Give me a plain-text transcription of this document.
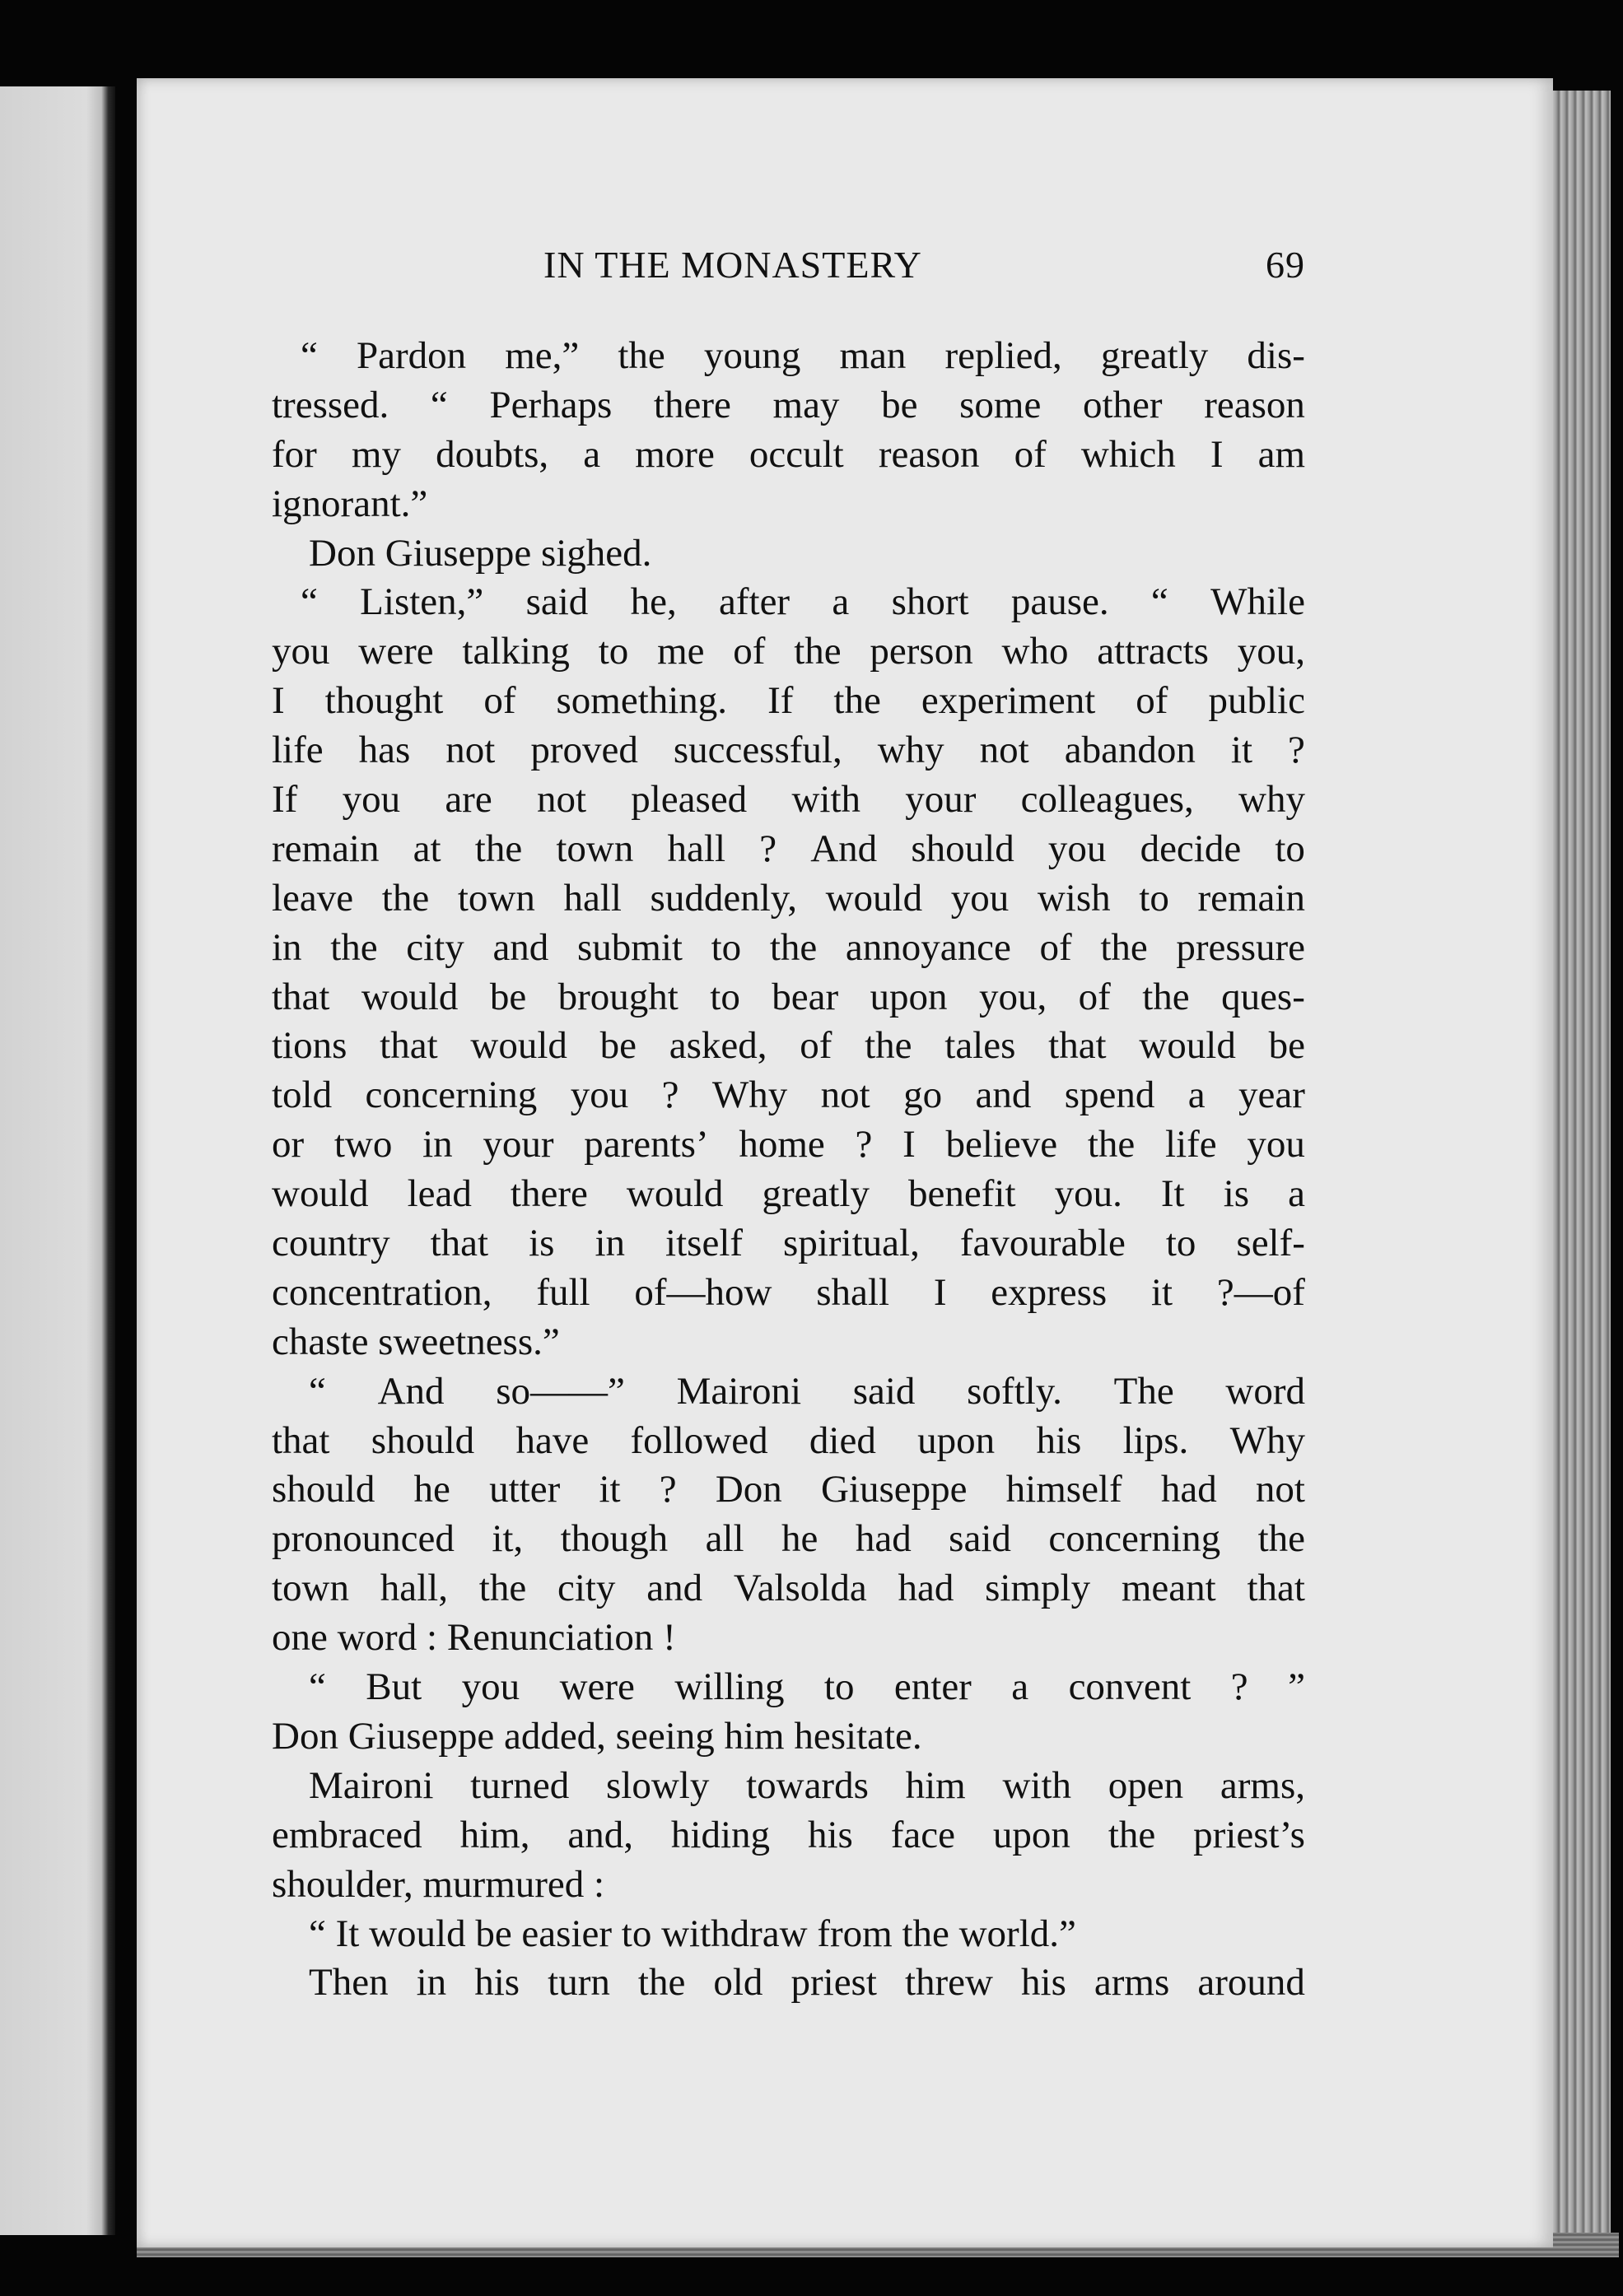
IN THE MONASTERY	69
“ Pardon me,” the young man replied, greatly dis-
tressed. “ Perhaps there may be some other reason
for my doubts, a more occult reason of which I am
ignorant.”
Don Giuseppe sighed.
“ Listen,” said he, after a short pause. “ While
you were talking to me of the person who attracts you,
I thought of something. If the experiment of public
life has not proved successful, why not abandon it ?
If you are not pleased with your colleagues, why
remain at the town hall ? And should you decide to
leave the town hall suddenly, would you wish to remain
in the city and submit to the annoyance of the pressure
that would be brought to bear upon you, of the ques-
tions that would be asked, of the tales that would be
told concerning you ? Why not go and spend a year
or two in your parents’ home ? I believe the life you
would lead there would greatly benefit you. It is a
country that is in itself spiritual, favourable to self-
concentration, full of—how shall I express it ?—of
chaste sweetness.”
“ And so——” Maironi said softly. The word
that should have followed died upon his lips. Why
should he utter it ? Don Giuseppe himself had not
pronounced it, though all he had said concerning the
town hall, the city and Valsolda had simply meant that
one word : Renunciation !
“ But you were willing to enter a convent ? ”
Don Giuseppe added, seeing him hesitate.
Maironi turned slowly towards him with open arms,
embraced him, and, hiding his face upon the priest’s
shoulder, murmured :
“ It would be easier to withdraw from the world.”
Then in his turn the old priest threw his arms around
